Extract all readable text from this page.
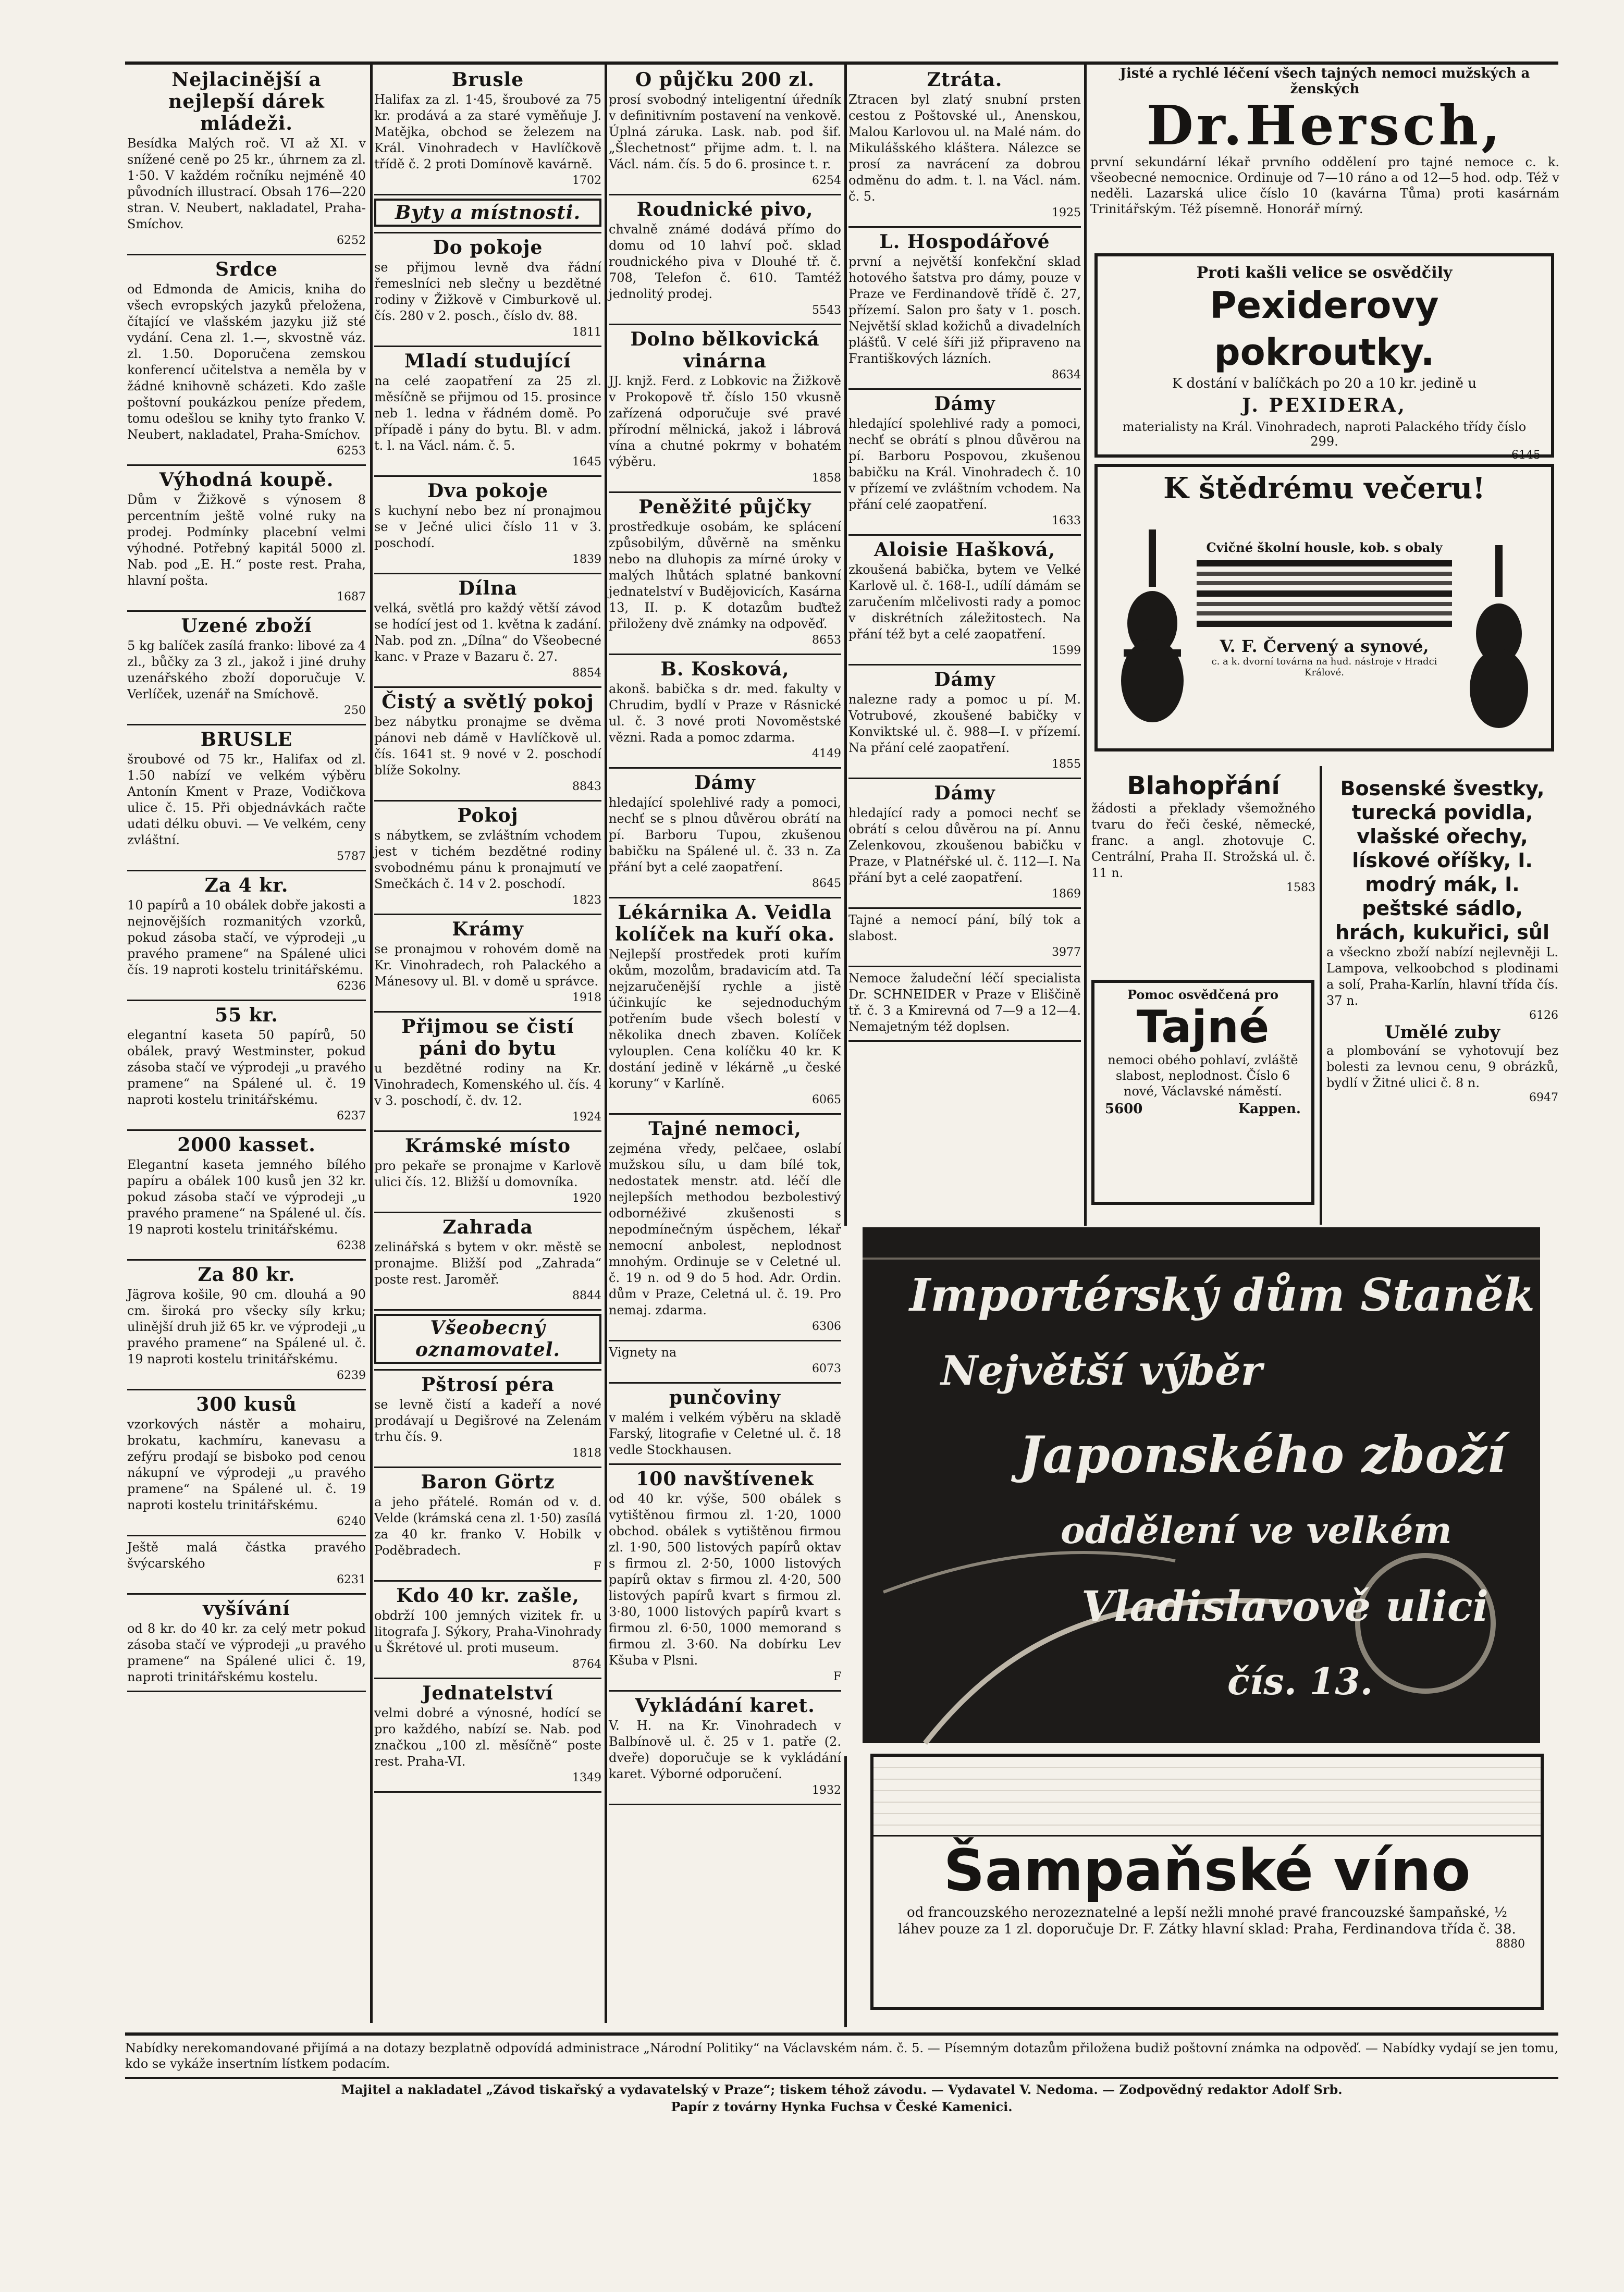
Nejlacinější a nejlepší dárek mládeži.

Besídka Malých roč. VI až XI. v snížené ceně po 25 kr., úhrnem za zl. 1·50. V každém ročníku nejméně 40 původních illustrací. Obsah 176—220 stran. V. Neubert, nakladatel, Praha-Smíchov.

6252
Srdce

od Edmonda de Amicis, kniha do všech evropských jazyků přeložena, čítající ve vlašském jazyku již sté vydání. Cena zl. 1.—, skvostně váz. zl. 1.50. Doporučena zemskou konferencí učitelstva a neměla by v žádné knihovně scházeti. Kdo zašle poštovní poukázkou peníze předem, tomu odešlou se knihy tyto franko V. Neubert, nakladatel, Praha-Smíchov.

6253
Výhodná koupě.

Dům v Žižkově s výnosem 8 percentním ještě volné ruky na prodej. Podmínky placební velmi výhodné. Potřebný kapitál 5000 zl. Nab. pod „E. H.“ poste rest. Praha, hlavní pošta.

1687
Uzené zboží

5 kg balíček zasílá franko: libové za 4 zl., bůčky za 3 zl., jakož i jiné druhy uzenářského zboží doporučuje V. Verlíček, uzenář na Smíchově.

250
BRUSLE

šroubové od 75 kr., Halifax od zl. 1.50 nabízí ve velkém výběru Antonín Kment v Praze, Vodičkova ulice č. 15. Při objednávkách račte udati délku obuvi. — Ve velkém, ceny zvláštní.

5787
Za 4 kr.

10 papírů a 10 obálek dobře jakosti a nejnovějších rozmanitých vzorků, pokud zásoba stačí, ve výprodeji „u pravého pramene“ na Spálené ulici čís. 19 naproti kostelu trinitářskému.

6236
55 kr.

elegantní kaseta 50 papírů, 50 obálek, pravý Westminster, pokud zásoba stačí ve výprodeji „u pravého pramene“ na Spálené ul. č. 19 naproti kostelu trinitářskému.

6237
2000 kasset.

Elegantní kaseta jemného bílého papíru a obálek 100 kusů jen 32 kr. pokud zásoba stačí ve výprodeji „u pravého pramene“ na Spálené ul. čís. 19 naproti kostelu trinitářskému.

6238
Za 80 kr.

Jägrova košile, 90 cm. dlouhá a 90 cm. široká pro všecky síly krku; ulinější druh již 65 kr. ve výprodeji „u pravého pramene“ na Spálené ul. č. 19 naproti kostelu trinitářskému.

6239
300 kusů

vzorkových nástěr a mohairu, brokatu, kachmíru, kanevasu a zefýru prodají se bisboko pod cenou nákupní ve výprodeji „u pravého pramene“ na Spálené ul. č. 19 naproti kostelu trinitářskému.

6240

Ještě malá částka pravého švýcarského

6231
vyšívání

od 8 kr. do 40 kr. za celý metr pokud zásoba stačí ve výprodeji „u pravého pramene“ na Spálené ulici č. 19, naproti trinitářskému kostelu.

Brusle

Halifax za zl. 1·45, šroubové za 75 kr. prodává a za staré vyměňuje J. Matějka, obchod se železem na Král. Vinohradech v Havlíčkově třídě č. 2 proti Domínově kavárně.

1702
Byty a místnosti.
Do pokoje

se přijmou levně dva řádní řemeslníci neb slečny u bezdětné rodiny v Žižkově v Cimburkově ul. čís. 280 v 2. posch., číslo dv. 88.

1811
Mladí studující

na celé zaopatření za 25 zl. měsíčně se přijmou od 15. prosince neb 1. ledna v řádném domě. Po případě i pány do bytu. Bl. v adm. t. l. na Václ. nám. č. 5.

1645
Dva pokoje

s kuchyní nebo bez ní pronajmou se v Ječné ulici číslo 11 v 3. poschodí.

1839
Dílna

velká, světlá pro každý větší závod se hodící jest od 1. května k zadání. Nab. pod zn. „Dílna“ do Všeobecné kanc. v Praze v Bazaru č. 27.

8854
Čistý a světlý pokoj

bez nábytku pronajme se dvěma pánovi neb dámě v Havlíčkově ul. čís. 1641 st. 9 nové v 2. poschodí blíže Sokolny.

8843
Pokoj

s nábytkem, se zvláštním vchodem jest v tichém bezdětné rodiny svobodnému pánu k pronajmutí ve Smečkách č. 14 v 2. poschodí.

1823
Krámy

se pronajmou v rohovém domě na Kr. Vinohradech, roh Palackého a Mánesovy ul. Bl. v domě u správce.

1918
Přijmou se čistí páni do bytu

u bezdětné rodiny na Kr. Vinohradech, Komenského ul. čís. 4 v 3. poschodí, č. dv. 12.

1924
Krámské místo

pro pekaře se pronajme v Karlově ulici čís. 12. Bližší u domovníka.

1920
Zahrada

zelinářská s bytem v okr. městě se pronajme. Bližší pod „Zahrada“ poste rest. Jaroměř.

8844
Všeobecný oznamovatel.
Pštrosí péra

se levně čistí a kadeří a nové prodávají u Degišrové na Zelenám trhu čís. 9.

1818
Baron Görtz

a jeho přátelé. Román od v. d. Velde (krámská cena zl. 1·50) zasílá za 40 kr. franko V. Hobilk v Poděbradech.

F
Kdo 40 kr. zašle,

obdrží 100 jemných vizitek fr. u litografa J. Sýkory, Praha-Vinohrady u Škrétové ul. proti museum.

8764
Jednatelství

velmi dobré a výnosné, hodící se pro každého, nabízí se. Nab. pod značkou „100 zl. měsíčně“ poste rest. Praha-VI.

1349
O půjčku 200 zl.

prosí svobodný inteligentní úředník v definitivním postavení na venkově. Úplná záruka. Lask. nab. pod šif. „Šlechetnost“ přijme adm. t. l. na Václ. nám. čís. 5 do 6. prosince t. r.

6254
Roudnické pivo,

chvalně známé dodává přímo do domu od 10 lahví poč. sklad roudnického piva v Dlouhé tř. č. 708, Telefon č. 610. Tamtéž jednolitý prodej.

5543
Dolno bělkovická vinárna

JJ. knjž. Ferd. z Lobkovic na Žižkově v Prokopově tř. číslo 150 vkusně zařízená odporučuje své pravé přírodní mělnická, jakož i lábrová vína a chutné pokrmy v bohatém výběru.

1858
Peněžité půjčky

prostředkuje osobám, ke splácení způsobilým, důvěrně na směnku nebo na dluhopis za mírné úroky v malých lhůtách splatné bankovní jednatelství v Budějovicích, Kasárna 13, II. p. K dotazům buďtež přiloženy dvě známky na odpověď.

8653
B. Kosková,

akonš. babička s dr. med. fakulty v Chrudim, bydlí v Praze v Rásnické ul. č. 3 nové proti Novoměstské vězni. Rada a pomoc zdarma.

4149
Dámy

hledající spolehlivé rady a pomoci, nechť se s plnou důvěrou obrátí na pí. Barboru Tupou, zkušenou babičku na Spálené ul. č. 33 n. Za přání byt a celé zaopatření.

8645
Lékárnika A. Veidla kolíček na kuří oka.

Nejlepší prostředek proti kuřím okům, mozolům, bradavicím atd. Ta nejzaručenější rychle a jistě účinkujíc ke sejednoduchým potřením bude všech bolestí v několika dnech zbaven. Kolíček vylouplen. Cena kolíčku 40 kr. K dostání jedině v lékárně „u české koruny“ v Karlíně.

6065
Tajné nemoci,

zejména vředy, pelčaee, oslabí mužskou sílu, u dam bílé tok, nedostatek menstr. atd. léčí dle nejlepších methodou bezbolestivý odbornéživé zkušenosti s nepodmínečným úspěchem, lékař nemocní anbolest, neplodnost mnohým. Ordinuje se v Celetné ul. č. 19 n. od 9 do 5 hod. Adr. Ordin. dům v Praze, Celetná ul. č. 19. Pro nemaj. zdarma.

6306

Vignety na

6073
punčoviny

v malém i velkém výběru na skladě Farský, litografie v Celetné ul. č. 18 vedle Stockhausen.

100 navštívenek

od 40 kr. výše, 500 obálek s vytištěnou firmou zl. 1·20, 1000 obchod. obálek s vytištěnou firmou zl. 1·90, 500 listových papírů oktav s firmou zl. 2·50, 1000 listových papírů oktav s firmou zl. 4·20, 500 listových papírů kvart s firmou zl. 3·80, 1000 listových papírů kvart s firmou zl. 6·50, 1000 memorand s firmou zl. 3·60. Na dobírku Lev Kšuba v Plsni.

F
Vykládání karet.

V. H. na Kr. Vinohradech v Balbínově ul. č. 25 v 1. patře (2. dveře) doporučuje se k vykládání karet. Výborné odporučení.

1932
Ztráta.

Ztracen byl zlatý snubní prsten cestou z Poštovské ul., Anenskou, Malou Karlovou ul. na Malé nám. do Mikulášského kláštera. Nálezce se prosí za navrácení za dobrou odměnu do adm. t. l. na Václ. nám. č. 5.

1925
L. Hospodářové

první a největší konfekční sklad hotového šatstva pro dámy, pouze v Praze ve Ferdinandově třídě č. 27, přízemí. Salon pro šaty v 1. posch. Největší sklad kožichů a divadelních plášťů. V celé šíři již připraveno na Františkových lázních.

8634
Dámy

hledající spolehlivé rady a pomoci, nechť se obrátí s plnou důvěrou na pí. Barboru Pospovou, zkušenou babičku na Král. Vinohradech č. 10 v přízemí ve zvláštním vchodem. Na přání celé zaopatření.

1633
Aloisie Hašková,

zkoušená babička, bytem ve Velké Karlově ul. č. 168-I., udílí dámám se zaručením mlčelivosti rady a pomoc v diskrétních záležitostech. Na přání též byt a celé zaopatření.

1599
Dámy

nalezne rady a pomoc u pí. M. Votrubové, zkoušené babičky v Konviktské ul. č. 988—I. v přízemí. Na přání celé zaopatření.

1855
Dámy

hledající rady a pomoci nechť se obrátí s celou důvěrou na pí. Annu Zelenkovou, zkoušenou babičku v Praze, v Platnéřské ul. č. 112—I. Na přání byt a celé zaopatření.

1869

Tajné a nemocí pání, bílý tok a slabost.

3977

Nemoce žaludeční léčí specialista Dr. SCHNEIDER v Praze v Eliščině tř. č. 3 a Kmirevná od 7—9 a 12—4. Nemajetným též doplsen.

Jisté a rychlé léčení všech tajných nemoci mužských a ženských
Dr.Hersch,
první sekundární lékař prvního oddělení pro tajné nemoce c. k. všeobecné nemocnice. Ordinuje od 7—10 ráno a od 12—5 hod. odp. Též v neděli. Lazarská ulice číslo 10 (kavárna Tůma) proti kasárnám Trinitářským. Též písemně. Honorář mírný.
Proti kašli velice se osvědčily
Pexiderovy pokroutky.
K dostání v balíčkách po 20 a 10 kr. jedině u
J. PEXIDERA,
materialisty na Král. Vinohradech, naproti Palackého třídy číslo 299.
6145
K štědrému večeru!
Cvičné školní housle, kob. s obaly
V. F. Červený a synové,
c. a k. dvorní továrna na hud. nástroje v Hradci Králové.
Blahopřání
žádosti a překlady všemožného tvaru do řeči české, německé, franc. a angl. zhotovuje C. Centrální, Praha II. Strožská ul. č. 11 n.
1583
Bosenské švestky, turecká povidla, vlašské ořechy, lískové oříšky, I. modrý mák, I. peštské sádlo, hrách, kukuřici, sůl
a všeckno zboží nabízí nejlevněji L. Lampova, velkoobchod s plodinami a solí, Praha-Karlín, hlavní třída čís. 37 n.
6126
Umělé zuby
a plombování se vyhotovují bez bolesti za levnou cenu, 9 obrázků, bydlí v Žitné ulici č. 8 n.
6947
Pomoc osvědčená pro
Tajné
nemoci obého pohlaví, zvláště slabost, neplodnost. Číslo 6 nové, Václavské náměstí.
5600	Kappen.
Importérský dům Staněk
Největší výběr
Japonského zboží
oddělení ve velkém
Vladislavově ulici
čís. 13.
Šampaňské víno
od francouzského nerozeznatelné a lepší nežli mnohé pravé francouzské šampaňské, ½ láhev pouze za 1 zl. doporučuje Dr. F. Zátky hlavní sklad: Praha, Ferdinandova třída č. 38.
8880
Nabídky nerekomandované přijímá a na dotazy bezplatně odpovídá administrace „Národní Politiky“ na Václavském nám. č. 5. — Písemným dotazům přiložena budiž poštovní známka na odpověď. — Nabídky vydají se jen tomu, kdo se vykáže insertním lístkem podacím.
Majitel a nakladatel „Závod tiskařský a vydavatelský v Praze“; tiskem téhož závodu. — Vydavatel V. Nedoma. — Zodpovědný redaktor Adolf Srb.
Papír z továrny Hynka Fuchsa v České Kamenici.
